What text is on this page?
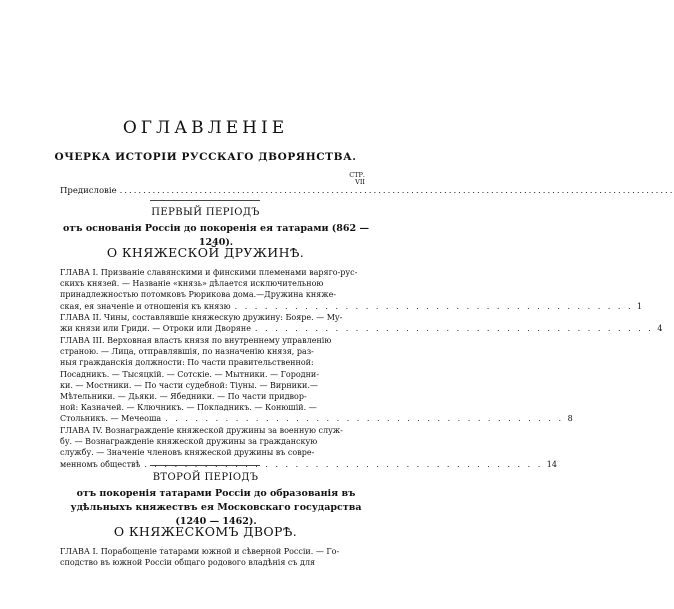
ОГЛАВЛЕНІЕ
ОЧЕРКА ИСТОРІИ РУССКАГО ДВОРЯНСТВА.
СТР.
VII
Предисловіе ......................................................................................................................
ПЕРВЫЙ ПЕРІОДЪ
отъ основанія Россіи до покоренія ея татарами (862 — 1240).
О КНЯЖЕСКОЙ ДРУЖИНѢ.
ГЛАВА I. Призваніе славянскими и финскими племенами варяго-рус-
скихъ князей. — Названіе «князь» дѣлается исключительною
принадлежностью потомковъ Рюрикова дома.—Дружина княже-
ская, ея значеніе и отношенія къ князю . . . . . . . . . . . . . . . . . . . . . . . . . . . . . . . . . . . . . . . . 1
ГЛАВА II. Чины, составлявшіе княжескую дружину: Бояре. — Му-
жи князи или Гриди. — Отроки или Дворяне . . . . . . . . . . . . . . . . . . . . . . . . . . . . . . . . . . . . . . . . 4
ГЛАВА III. Верховная власть князя по внутреннему управленію
страною. — Лица, отправлявшія, по назначенію князя, раз-
ныя гражданскія должности: По части правительственной:
Посадникъ. — Тысяцкій. — Сотскіе. — Мытники. — Городни-
ки. — Мостники. — По части судебной: Тіуны. — Вирники.—
Мѣтельники. — Дьяки. — Ябедники. — По части придвор-
ной: Казначей. — Ключникъ. — Покладникъ. — Конюшій. —
Стольникъ. — Мечеоша . . . . . . . . . . . . . . . . . . . . . . . . . . . . . . . . . . . . . . . . 8
ГЛАВА IV. Вознагражденіе княжеской дружины за военную служ-
бу. — Вознагражденіе княжеской дружины за гражданскую
службу. — Значеніе членовъ княжеской дружины въ совре-
менномъ обществѣ . . . . . . . . . . . . . . . . . . . . . . . . . . . . . . . . . . . . . . . . 14
ВТОРОЙ ПЕРІОДЪ
отъ покоренія татарами Россіи до образованія въ удѣльныхъ княжествъ ея Московскаго государства (1240 — 1462).
О КНЯЖЕСКОМЪ ДВОРѢ.
ГЛАВА I. Порабощеніе татарами южной и сѣверной Россіи. — Го-
сподство въ южной Россіи общаго родового владѣнія съ для
